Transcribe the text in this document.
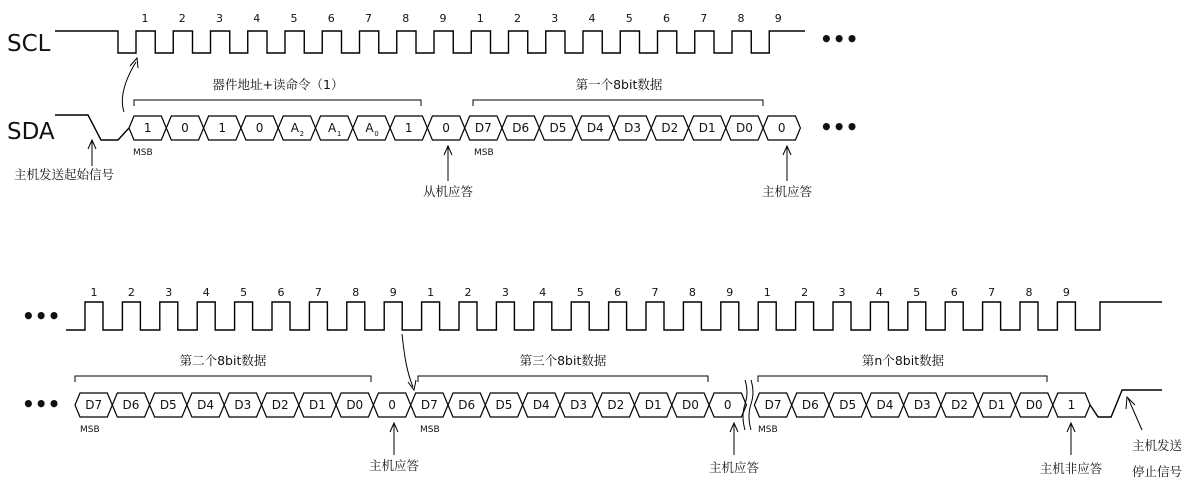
SCL
SDA
1	2	3	4	5	6	7	8	9	1	2	3	4	5	6	7	8	9
•••
1 0 1 0 A 2 A 1 A 0 1 0 D7 D6 D5 D4 D3 D2 D1 D0 0 •••
MSB	MSB
器件地址+读命令（1）	第一个8bit数据
主机发送起始信号
从机应答	主机应答
•••
1	2	3	4	5	6	7	8	9	1	2	3	4	5	6	7	8	9	1	2	3	4	5	6	7	8	9
••• D7 D6 D5 D4 D3 D2 D1 D0 0 D7 D6 D5 D4 D3 D2 D1 D0 0	D7 D6 D5 D4 D3 D2 D1 D0 1
MSB	MSB	MSB
第二个8bit数据	第三个8bit数据	第n个8bit数据
主机应答	主机应答	主机非应答
主机发送
停止信号
